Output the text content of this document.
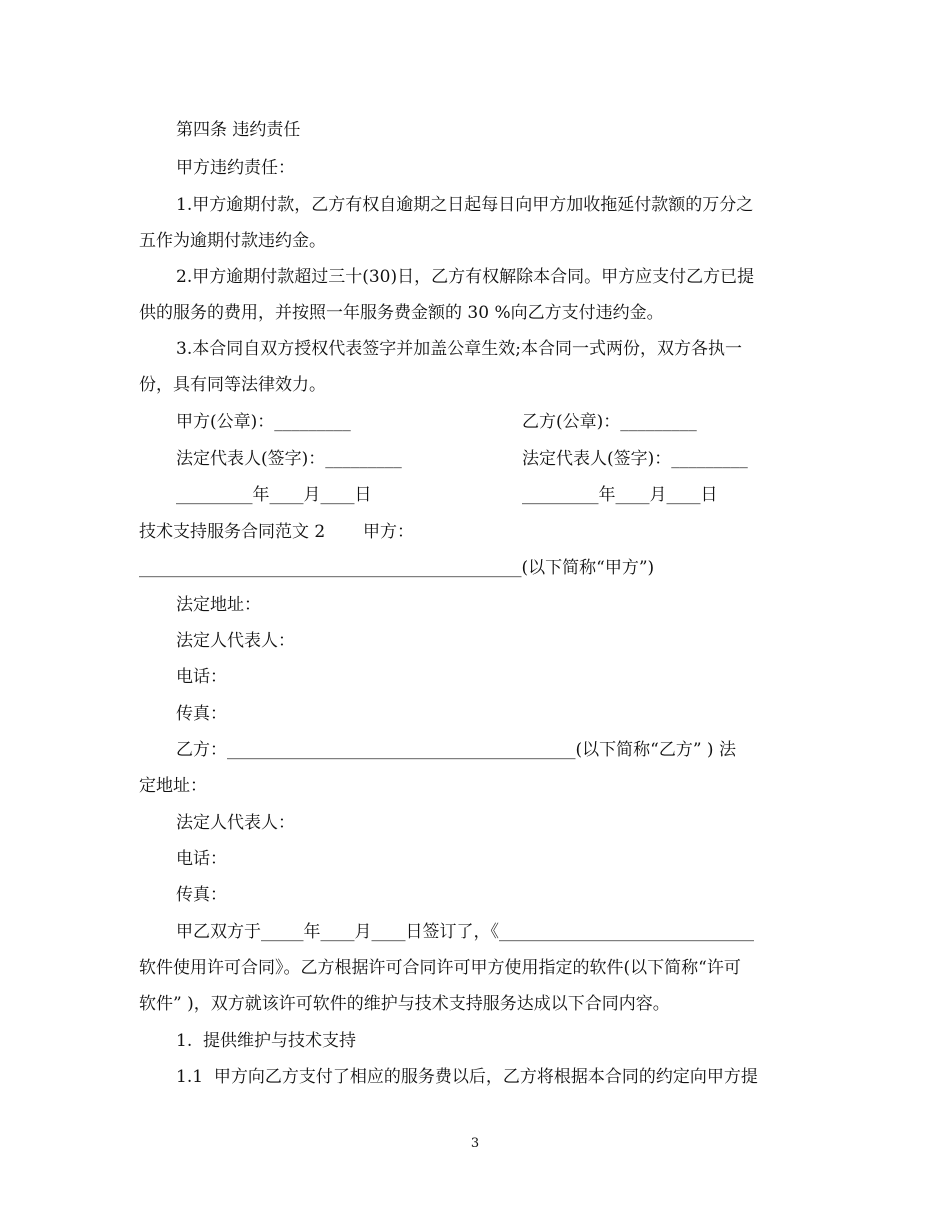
第四条 违约责任
甲方违约责任：
1.甲方逾期付款，乙方有权自逾期之日起每日向甲方加收拖延付款额的万分之
五作为逾期付款违约金。
2.甲方逾期付款超过三十(30)日，乙方有权解除本合同。甲方应支付乙方已提
供的服务的费用，并按照一年服务费金额的 30 %向乙方支付违约金。
3.本合同自双方授权代表签字并加盖公章生效;本合同一式两份，双方各执一
份，具有同等法律效力。
甲方(公章)：_________	乙方(公章)：_________
法定代表人(签字)：_________	法定代表人(签字)：_________
_________年____月____日	_________年____月____日
技术支持服务合同范文 2       甲方：
_____________________________________________(以下简称“甲方”)
法定地址：
法定人代表人：
电话：
传真：
乙方：_________________________________________(以下简称“乙方” ) 法
定地址：
法定人代表人：
电话：
传真：
甲乙双方于_____年____月____日签订了，《______________________________
软件使用许可合同》。乙方根据许可合同许可甲方使用指定的软件(以下简称“许可
软件” )，双方就该许可软件的维护与技术支持服务达成以下合同内容。
1.  提供维护与技术支持
1.1  甲方向乙方支付了相应的服务费以后，乙方将根据本合同的约定向甲方提
3
